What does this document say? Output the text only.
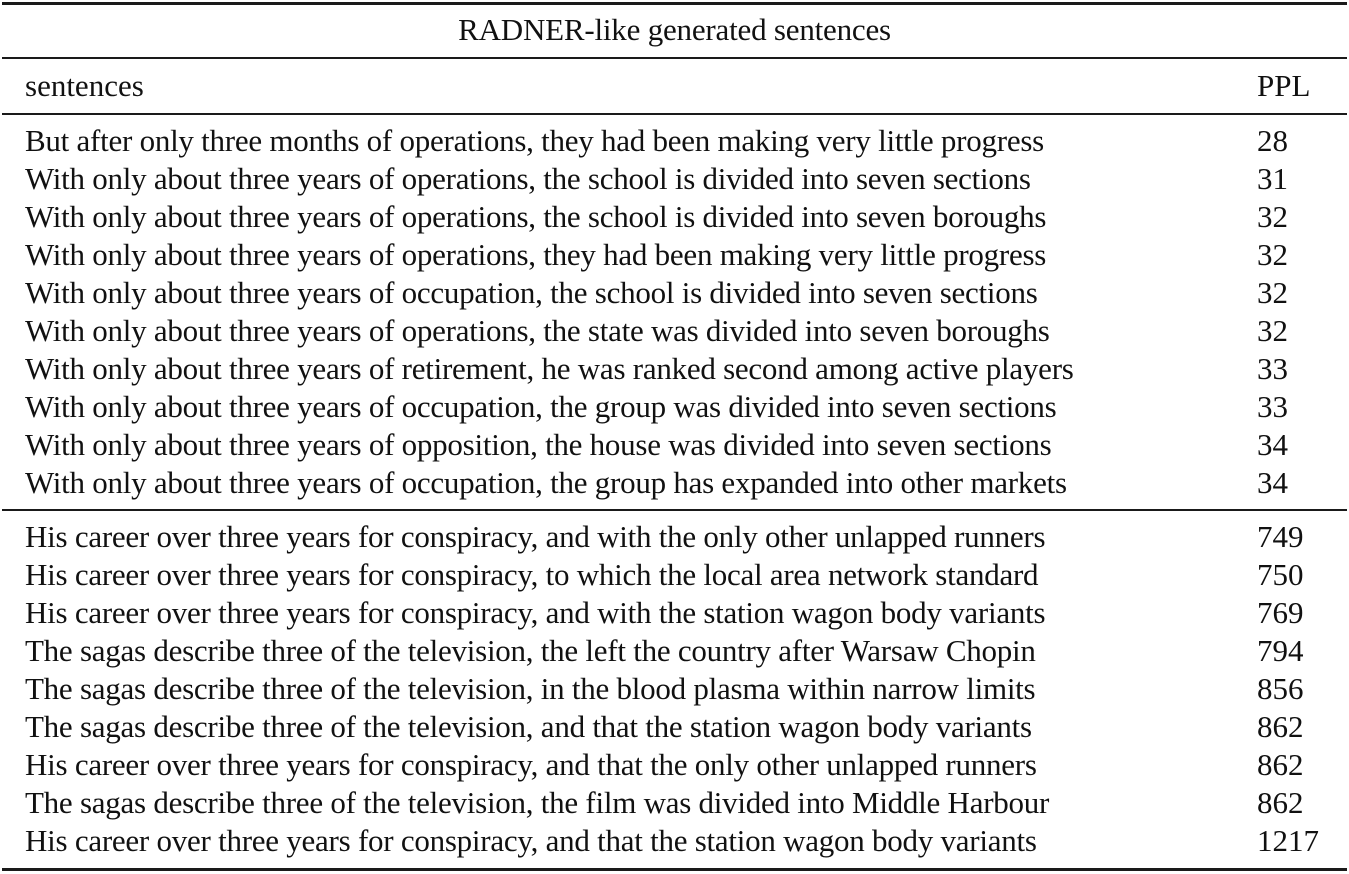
RADNER-like generated sentences
sentences	PPL
But after only three months of operations, they had been making very little progress	28
With only about three years of operations, the school is divided into seven sections	31
With only about three years of operations, the school is divided into seven boroughs	32
With only about three years of operations, they had been making very little progress	32
With only about three years of occupation, the school is divided into seven sections	32
With only about three years of operations, the state was divided into seven boroughs	32
With only about three years of retirement, he was ranked second among active players	33
With only about three years of occupation, the group was divided into seven sections	33
With only about three years of opposition, the house was divided into seven sections	34
With only about three years of occupation, the group has expanded into other markets	34
His career over three years for conspiracy, and with the only other unlapped runners	749
His career over three years for conspiracy, to which the local area network standard	750
His career over three years for conspiracy, and with the station wagon body variants	769
The sagas describe three of the television, the left the country after Warsaw Chopin	794
The sagas describe three of the television, in the blood plasma within narrow limits	856
The sagas describe three of the television, and that the station wagon body variants	862
His career over three years for conspiracy, and that the only other unlapped runners	862
The sagas describe three of the television, the film was divided into Middle Harbour	862
His career over three years for conspiracy, and that the station wagon body variants	1217
